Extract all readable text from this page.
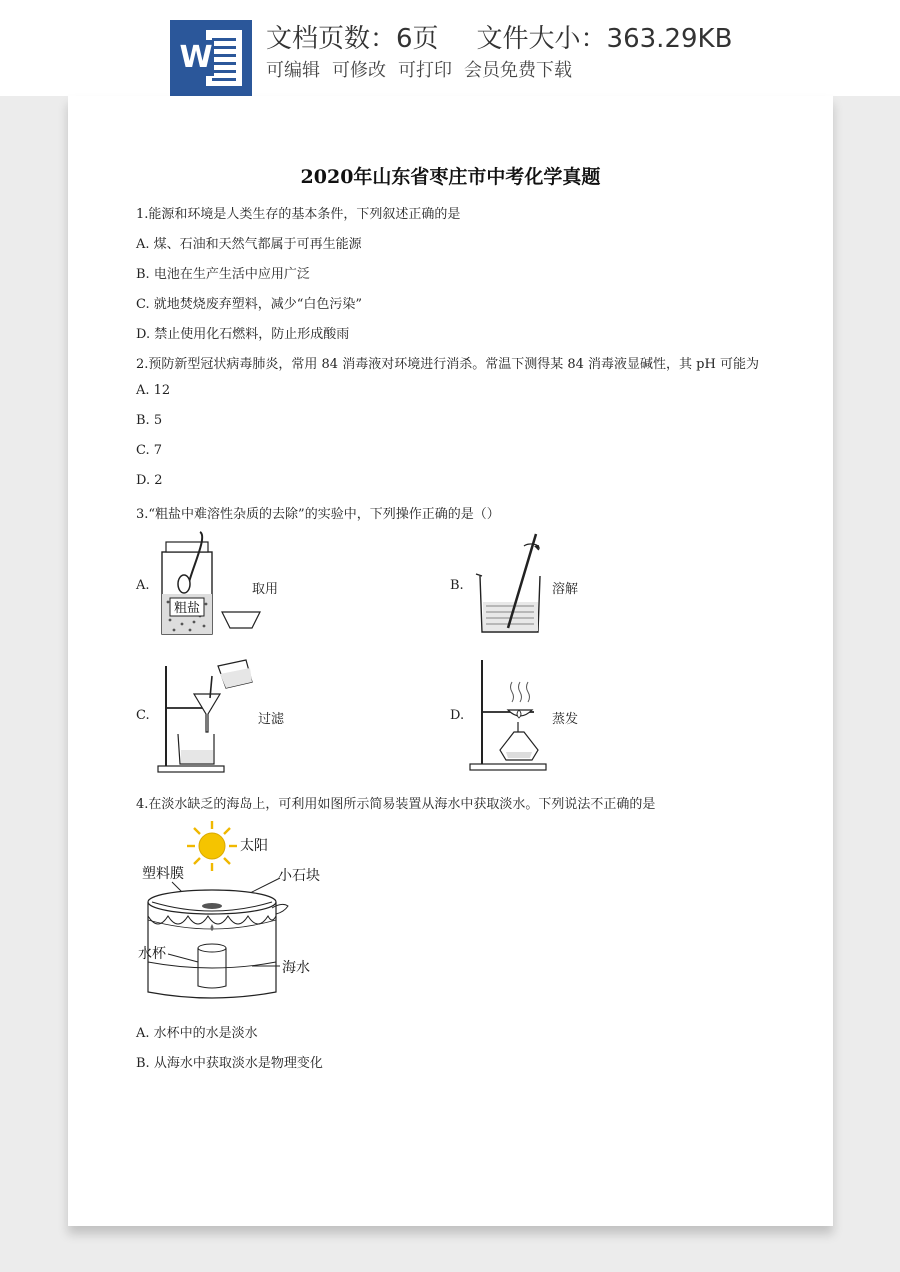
W
文档页数：6页 文件大小：363.29KB
可编辑 可修改 可打印 会员免费下载
2020年山东省枣庄市中考化学真题
1.能源和环境是人类生存的基本条件，下列叙述正确的是
A. 煤、石油和天然气都属于可再生能源
B. 电池在生产生活中应用广泛
C. 就地焚烧废弃塑料，减少“白色污染”
D. 禁止使用化石燃料，防止形成酸雨
2.预防新型冠状病毒肺炎，常用 84 消毒液对环境进行消杀。常温下测得某 84 消毒液显碱性，其 pH 可能为
A. 12
B. 5
C. 7
D. 2
3.“粗盐中难溶性杂质的去除”的实验中，下列操作正确的是（）
A.
粗盐
取用	B.	溶解
C.	过滤	D.	蒸发
4.在淡水缺乏的海岛上，可利用如图所示简易装置从海水中获取淡水。下列说法不正确的是
太阳
塑料膜	小石块
水杯
海水
A. 水杯中的水是淡水
B. 从海水中获取淡水是物理变化
